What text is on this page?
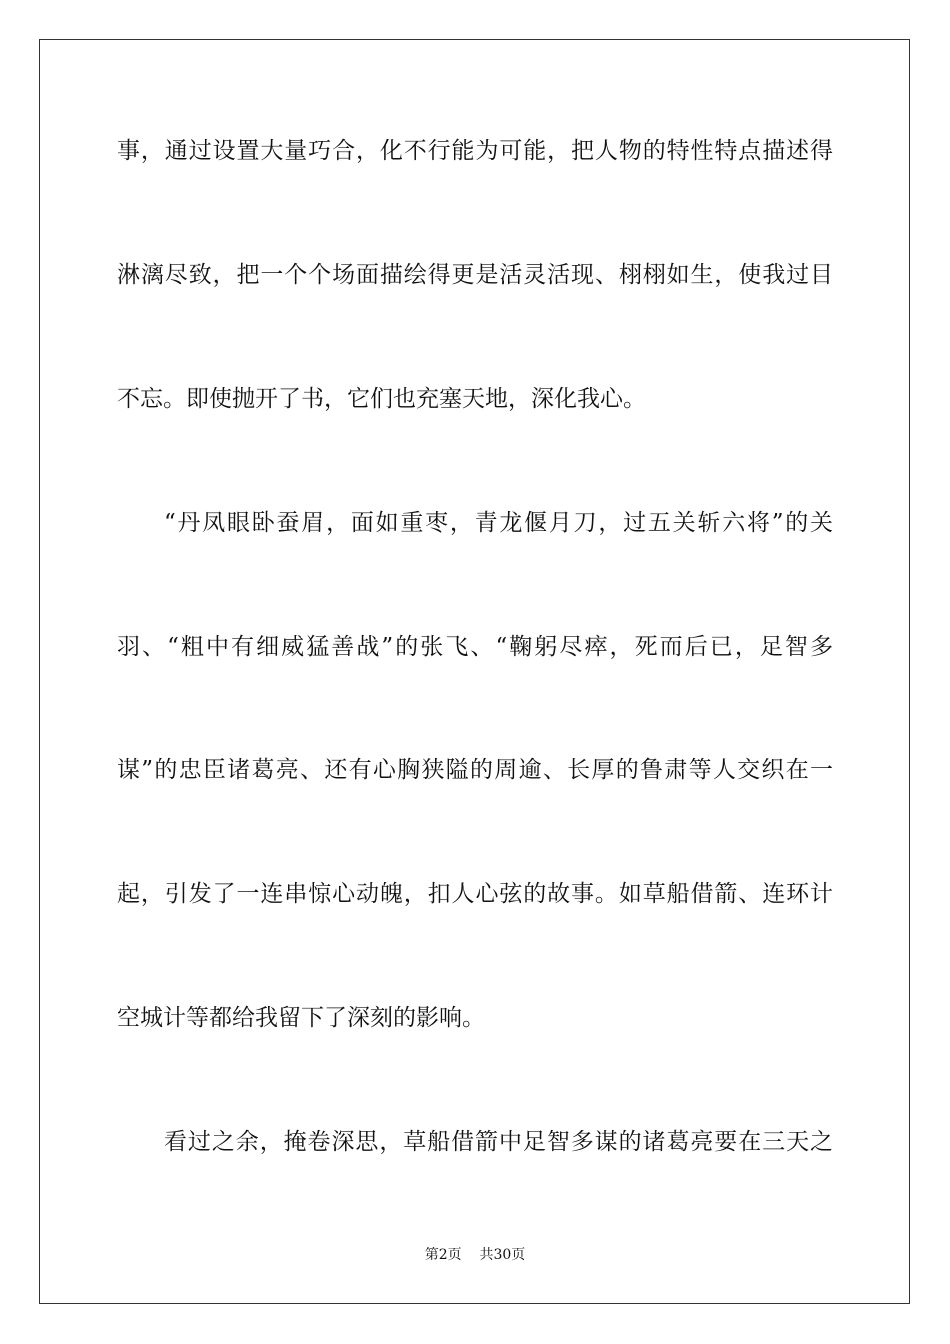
事，通过设置大量巧合，化不行能为可能，把人物的特性特点描述得
淋漓尽致，把一个个场面描绘得更是活灵活现、栩栩如生，使我过目
不忘。即使抛开了书，它们也充塞天地，深化我心。
“丹凤眼卧蚕眉，面如重枣，青龙偃月刀，过五关斩六将”的关
羽、“粗中有细威猛善战”的张飞、“鞠躬尽瘁，死而后已，足智多
谋”的忠臣诸葛亮、还有心胸狭隘的周逾、长厚的鲁肃等人交织在一
起，引发了一连串惊心动魄，扣人心弦的故事。如草船借箭、连环计
空城计等都给我留下了深刻的影响。
看过之余，掩卷深思，草船借箭中足智多谋的诸葛亮要在三天之
第2页 共30页
